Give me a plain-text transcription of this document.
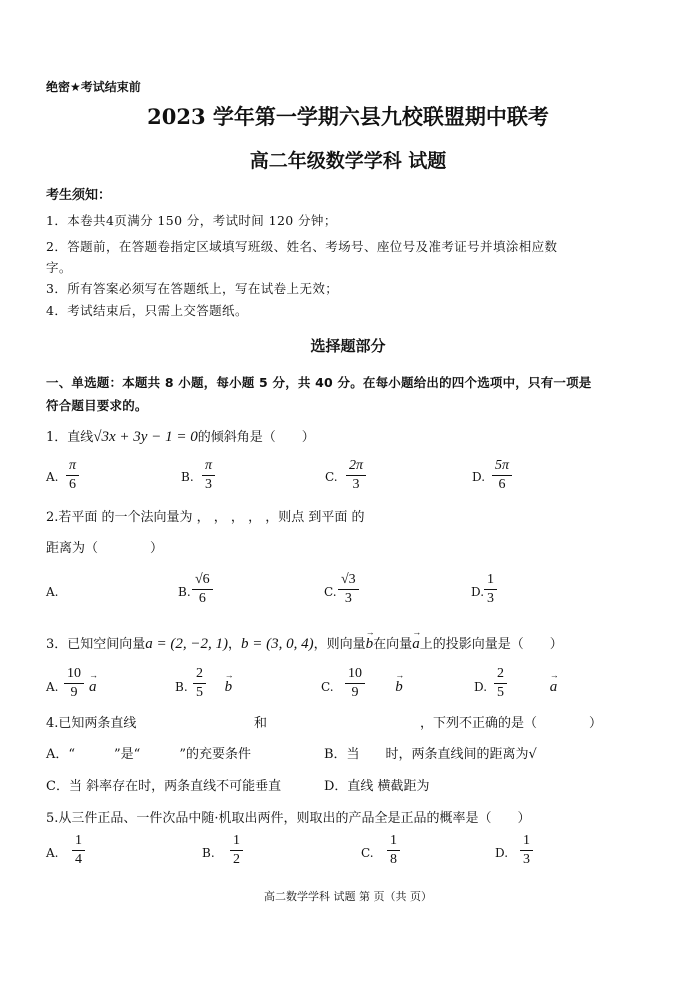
绝密★考试结束前
2023 学年第一学期六县九校联盟期中联考
高二年级数学学科 试题
考生须知：
1．本卷共4页满分 150 分，考试时间 120 分钟；
2．答题前，在答题卷指定区域填写班级、姓名、考场号、座位号及准考证号并填涂相应数
字。
3．所有答案必须写在答题纸上，写在试卷上无效；
4．考试结束后，只需上交答题纸。
选择题部分
一、单选题：本题共 8 小题，每小题 5 分，共 40 分。在每小题给出的四个选项中，只有一项是
符合题目要求的。
1．直线√3x + 3y − 1 = 0的倾斜角是（　　）
A. $\frac{\pi}{6}$	B. $\frac{\pi}{3}$	C. $\frac{2\pi}{3}$	D. $\frac{5\pi}{6}$
2.若平面 的一个法向量为 ， ， ， ， ，则点 到平面 的
距离为（　　　　）
A.	B. $\frac{√6}{6}$	C. $\frac{√3}{3}$	D. $\frac{1}{3}$
3．已知空间向量a = (2, −2, 1)，b = (3, 0, 4)，则向量→ b在向量→ a上的投影向量是（　　）
A. $\frac{10}{9} \to a$	B. $\frac{2}{5} \to b$	C. $\frac{10}{9} \to b$	D. $\frac{2}{5}$	→ a
4.已知两条直线	和	，下列不正确的是（　　　　）
A．“　　　”是“　　　”的充要条件	B．当　　时，两条直线间的距离为√
C．当 斜率存在时，两条直线不可能垂直	D．直线 横截距为
5.从三件正品、一件次品中随·机取出两件，则取出的产品全是正品的概率是（　　）
A. $\frac{1}{4}$	B. $\frac{1}{2}$	C. $\frac{1}{8}$	D. $\frac{1}{3}$
高二数学学科 试题 第 页（共 页）
